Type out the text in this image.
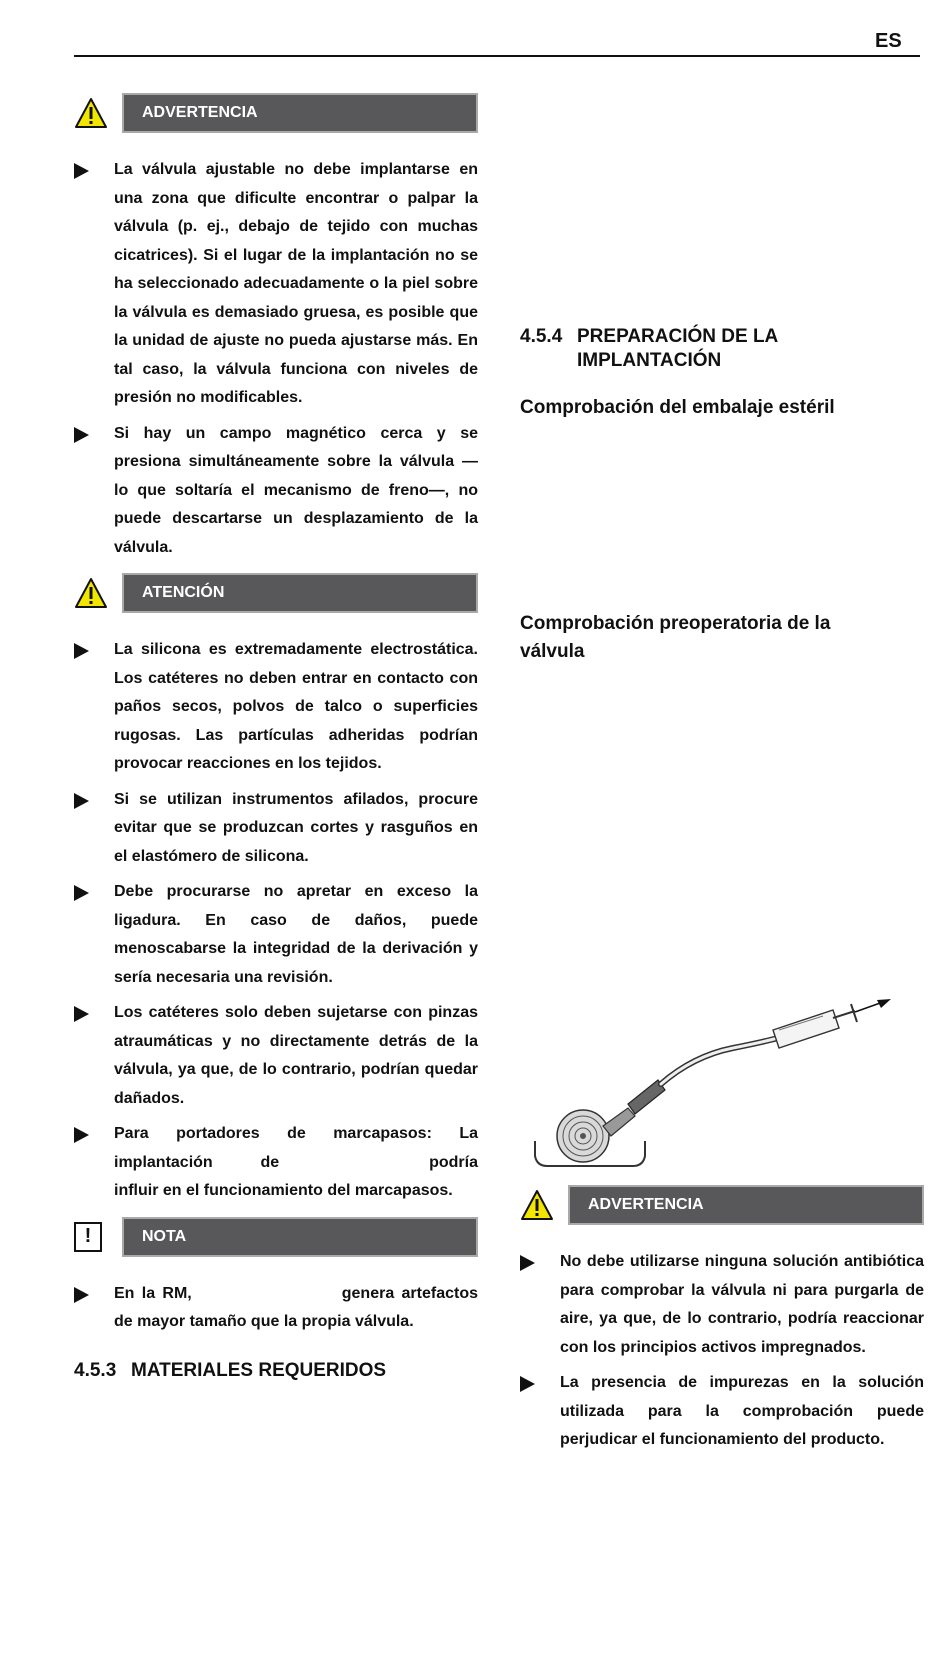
ES
ADVERTENCIA
La válvula ajustable no debe implantarse en una zona que dificulte encontrar o palpar la válvula (p. ej., debajo de tejido con muchas cicatrices). Si el lugar de la implantación no se ha seleccionado adecuadamente o la piel sobre la válvula es demasiado gruesa, es posible que la unidad de ajuste no pueda ajustarse más. En tal caso, la válvula funciona con niveles de presión no modificables.
Si hay un campo magnético cerca y se presiona simultáneamente sobre la válvula — lo que soltaría el mecanismo de freno—, no puede descartarse un desplazamiento de la válvula.
ATENCIÓN
La silicona es extremadamente electrostática. Los catéteres no deben entrar en contacto con paños secos, polvos de talco o superficies rugosas. Las partículas adheridas podrían provocar reacciones en los tejidos.
Si se utilizan instrumentos afilados, procure evitar que se produzcan cortes y rasguños en el elastómero de silicona.
Debe procurarse no apretar en exceso la ligadura. En caso de daños, puede menoscabarse la integridad de la derivación y sería necesaria una revisión.
Los catéteres solo deben sujetarse con pinzas atraumáticas y no directamente detrás de la válvula, ya que, de lo contrario, podrían quedar dañados.
Para portadores de marcapasos: La implantación de	podría influir en el funcionamiento del marcapasos.
!	NOTA
En la RM,	genera artefactos de mayor tamaño que la propia válvula.
4.5.3 MATERIALES REQUERIDOS
4.5.4 PREPARACIÓN DE LA IMPLANTACIÓN
Comprobación del embalaje estéril
Comprobación preoperatoria de la válvula
ADVERTENCIA
No debe utilizarse ninguna solución antibiótica para comprobar la válvula ni para purgarla de aire, ya que, de lo contrario, podría reaccionar con los principios activos impregnados.
La presencia de impurezas en la solución utilizada para la comprobación puede perjudicar el funcionamiento del producto.
